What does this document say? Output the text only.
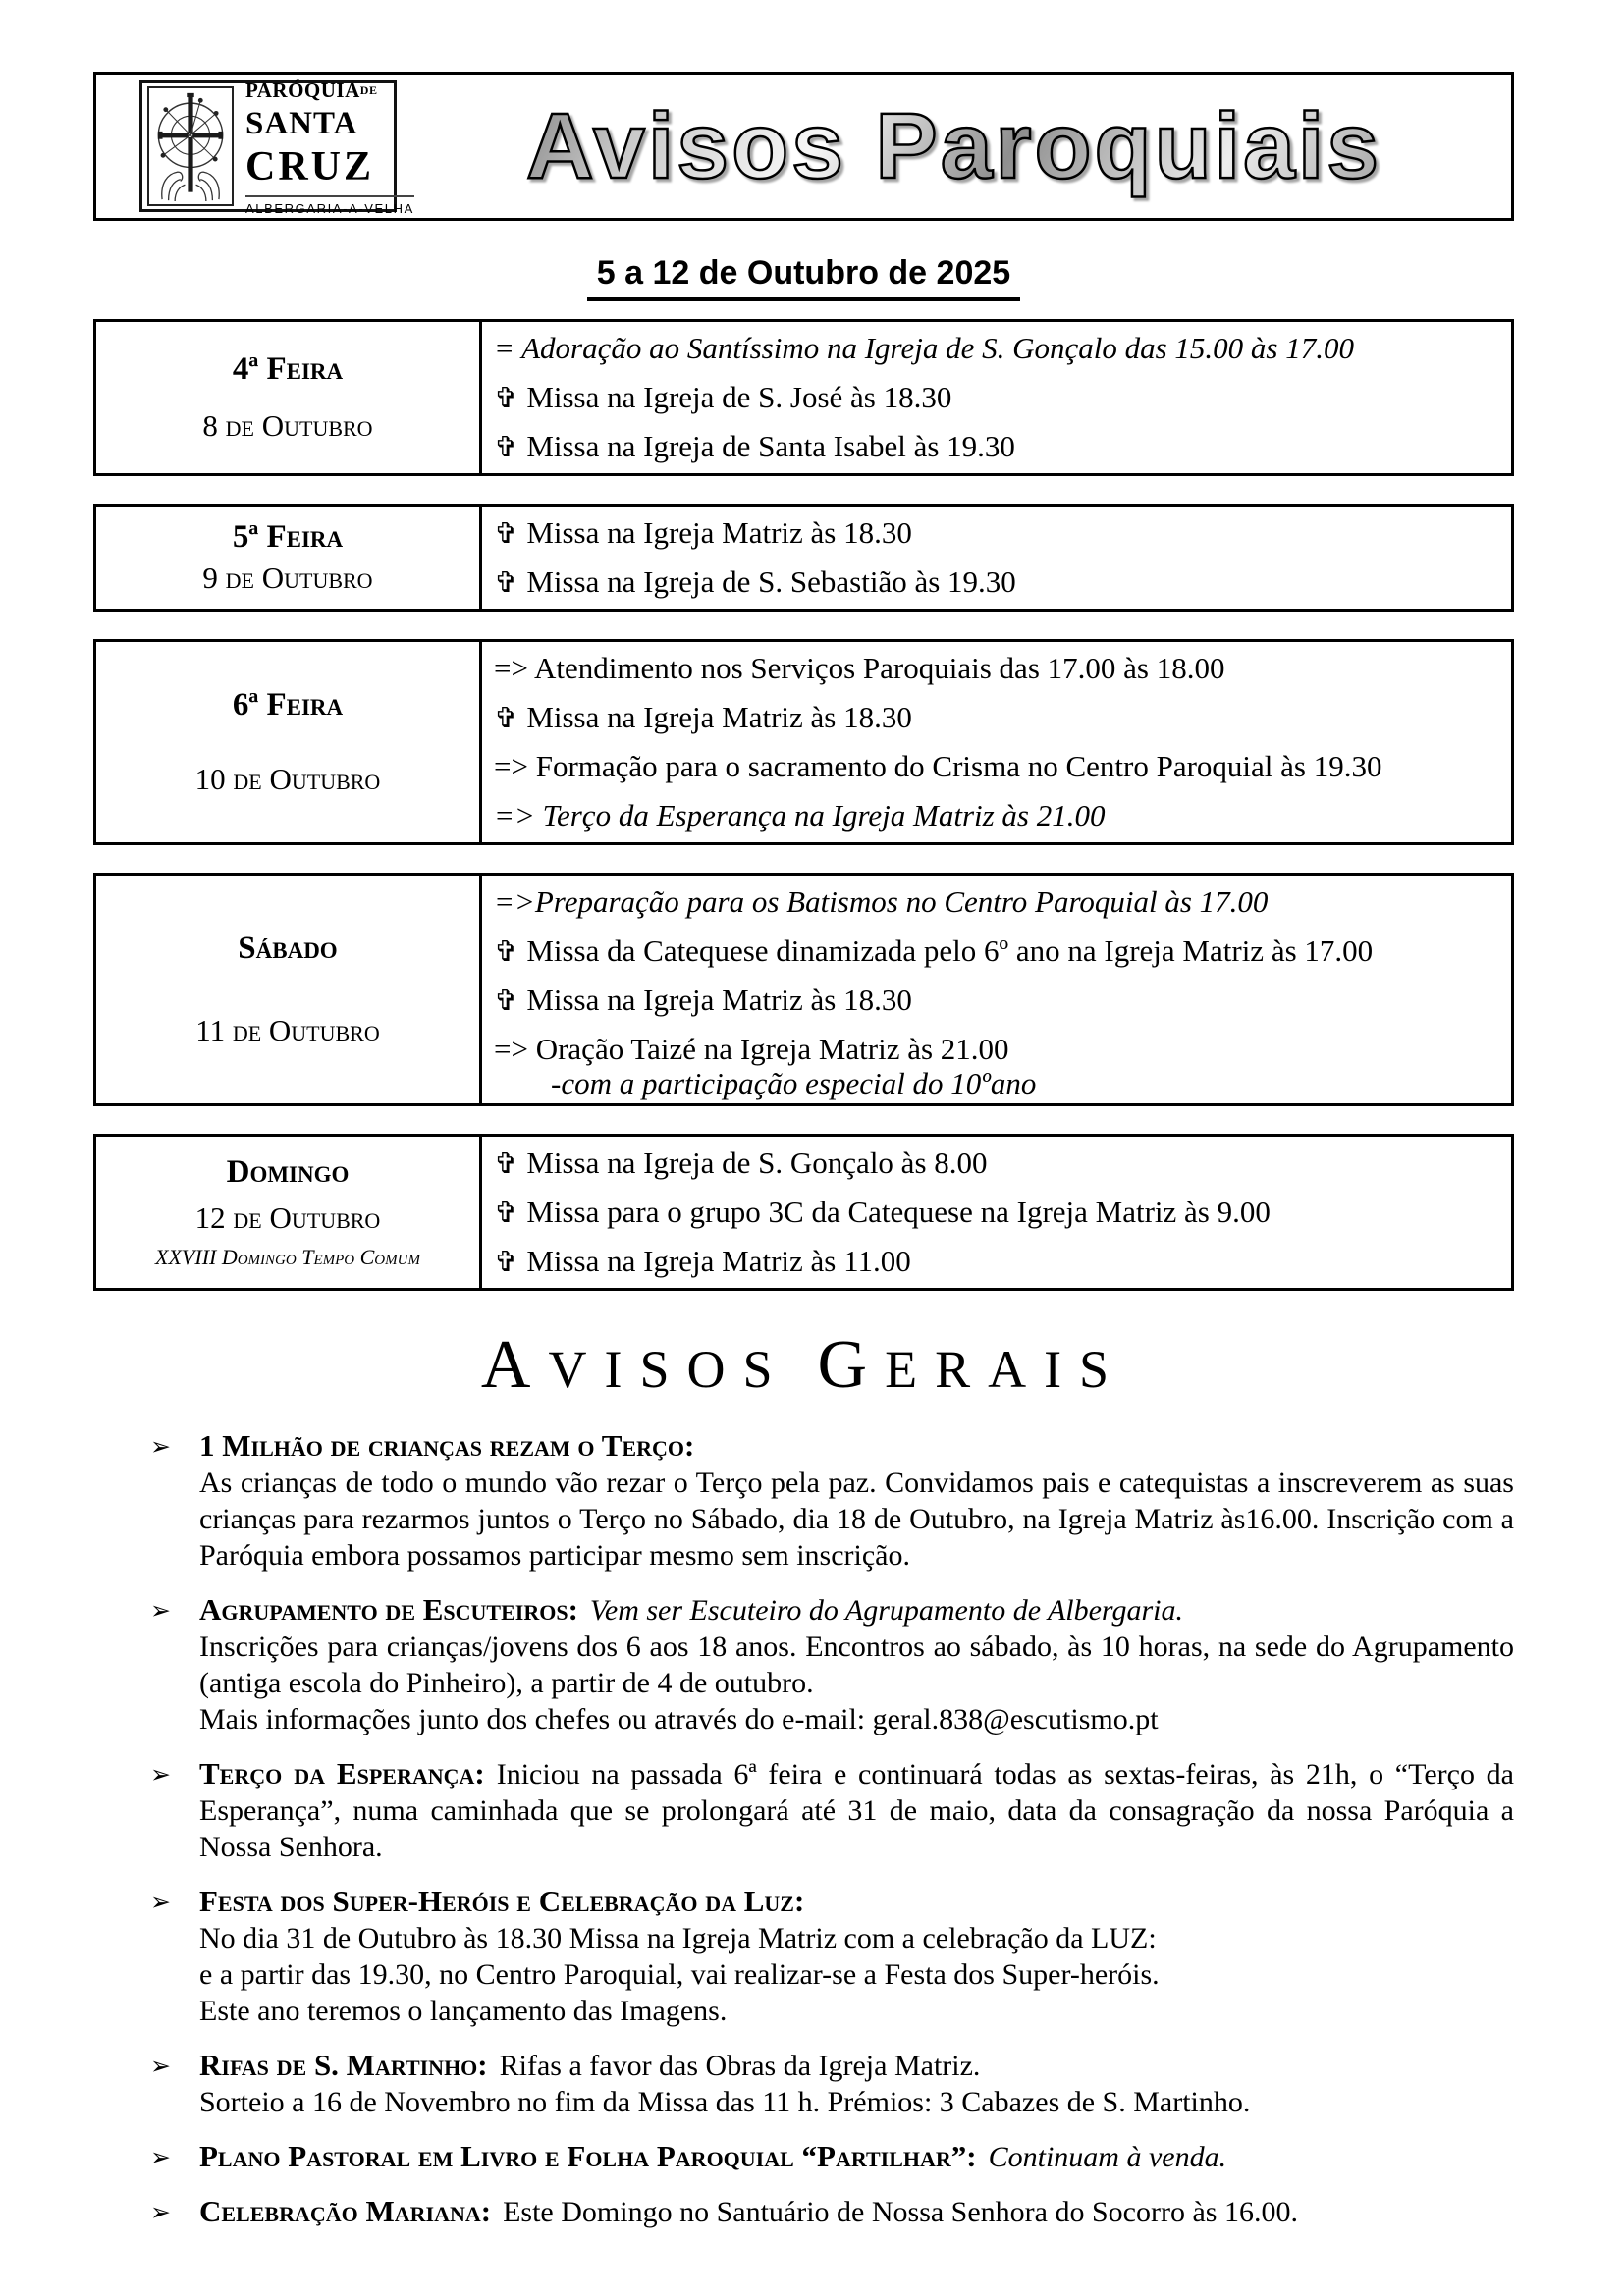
PARÓQUIADE
SANTA
CRUZ
ALBERGARIA-A-VELHA
Avisos Paroquiais
5 a 12 de Outubro de 2025
4ª Feira
8 de Outubro
= Adoração ao Santíssimo na Igreja de S. Gonçalo das 15.00 às 17.00
✞ Missa na Igreja de S. José às 18.30
✞ Missa na Igreja de Santa Isabel às 19.30
5ª Feira
9 de Outubro
✞ Missa na Igreja Matriz às 18.30
✞ Missa na Igreja de S. Sebastião às 19.30
6ª Feira
10 de Outubro
=> Atendimento nos Serviços Paroquiais das 17.00 às 18.00
✞ Missa na Igreja Matriz às 18.30
=> Formação para o sacramento do Crisma no Centro Paroquial às 19.30
=> Terço da Esperança na Igreja Matriz às 21.00
Sábado
11 de Outubro
=>Preparação para os Batismos no Centro Paroquial às 17.00
✞ Missa da Catequese dinamizada pelo 6º ano na Igreja Matriz às 17.00
✞ Missa na Igreja Matriz às 18.30
=> Oração Taizé na Igreja Matriz às 21.00
-com a participação especial do 10ºano
Domingo
12 de Outubro
XXVIII Domingo Tempo Comum
✞ Missa na Igreja de S. Gonçalo às 8.00
✞ Missa para o grupo 3C da Catequese na Igreja Matriz às 9.00
✞ Missa na Igreja Matriz às 11.00
AVISOS GERAIS
➢ 1 Milhão de crianças rezam o Terço:

As crianças de todo o mundo vão rezar o Terço pela paz. Convidamos pais e catequistas a inscreverem as suas crianças para rezarmos juntos o Terço no Sábado, dia 18 de Outubro, na Igreja Matriz às16.00. Inscrição com a Paróquia embora possamos participar mesmo sem inscrição.

➢ Agrupamento de Escuteiros: Vem ser Escuteiro do Agrupamento de Albergaria.

Inscrições para crianças/jovens dos 6 aos 18 anos. Encontros ao sábado, às 10 horas, na sede do Agrupamento (antiga escola do Pinheiro), a partir de 4 de outubro.

Mais informações junto dos chefes ou através do e-mail: geral.838@escutismo.pt
➢ Terço da Esperança: Iniciou na passada 6ª feira e continuará todas as sextas-feiras, às 21h, o “Terço da Esperança”, numa caminhada que se prolongará até 31 de maio, data da consagração da nossa Paróquia a Nossa Senhora.

➢ Festa dos Super-Heróis e Celebração da Luz:
No dia 31 de Outubro às 18.30 Missa na Igreja Matriz com a celebração da LUZ:
e a partir das 19.30, no Centro Paroquial, vai realizar-se a Festa dos Super-heróis.
Este ano teremos o lançamento das Imagens.
➢ Rifas de S. Martinho: Rifas a favor das Obras da Igreja Matriz.
Sorteio a 16 de Novembro no fim da Missa das 11 h. Prémios: 3 Cabazes de S. Martinho.
➢ Plano Pastoral em Livro e Folha Paroquial “Partilhar”: Continuam à venda.
➢ Celebração Mariana: Este Domingo no Santuário de Nossa Senhora do Socorro às 16.00.
